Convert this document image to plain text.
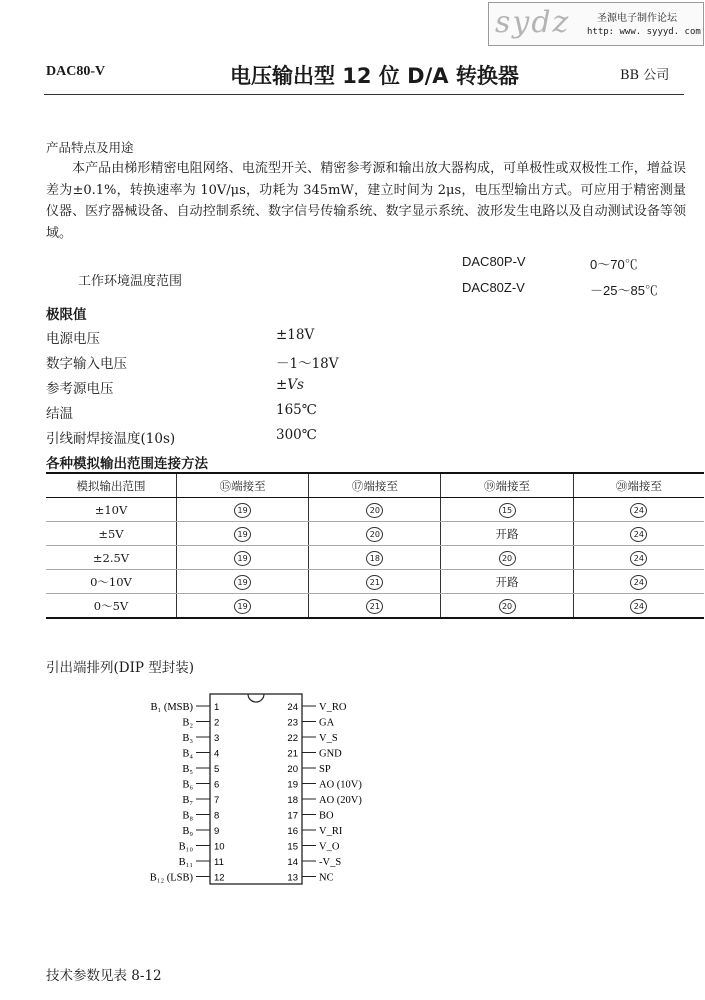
sydz	圣源电子制作论坛
http: www. syyyd. com
DAC80-V	电压输出型 12 位 D/A 转换器	BB 公司
产品特点及用途
本产品由梯形精密电阻网络、电流型开关、精密参考源和输出放大器构成，可单极性或双极性工作，增益误差为±0.1%，转换速率为 10V/μs，功耗为 345mW，建立时间为 2μs，电压型输出方式。可应用于精密测量仪器、医疗器械设备、自动控制系统、数字信号传输系统、数字显示系统、波形发生电路以及自动测试设备等领域。
工作环境温度范围
DAC80P-V	0～70℃
DAC80Z-V	－25～85℃
极限值
电源电压	±18V
数字输入电压	－1～18V
参考源电压	±Vs
结温	165℃
引线耐焊接温度(10s)	300℃
各种模拟输出范围连接方法
模拟输出范围	⑮端接至	⑰端接至	⑲端接至	⑳端接至
±10V	19	20	15	24
±5V	19	20	开路	24
±2.5V	19	18	20	24
0～10V	19	21	开路	24
0～5V	19	21	20	24
引出端排列(DIP 型封装)
1
B₁ (MSB)
2
B₂
3
B₃
4
B₄
5
B₅
6
B₆
7
B₇
8
B₈
9
B₉
10
B₁₀
11
B₁₁
12
B₁₂ (LSB)
24 V_RO
23 GA
22 V_S
21 GND
20 SP
19 AO (10V)
18 AO (20V)
17 BO
16 V_RI
15 V_O
14 -V_S
13 NC
技术参数见表 8-12
